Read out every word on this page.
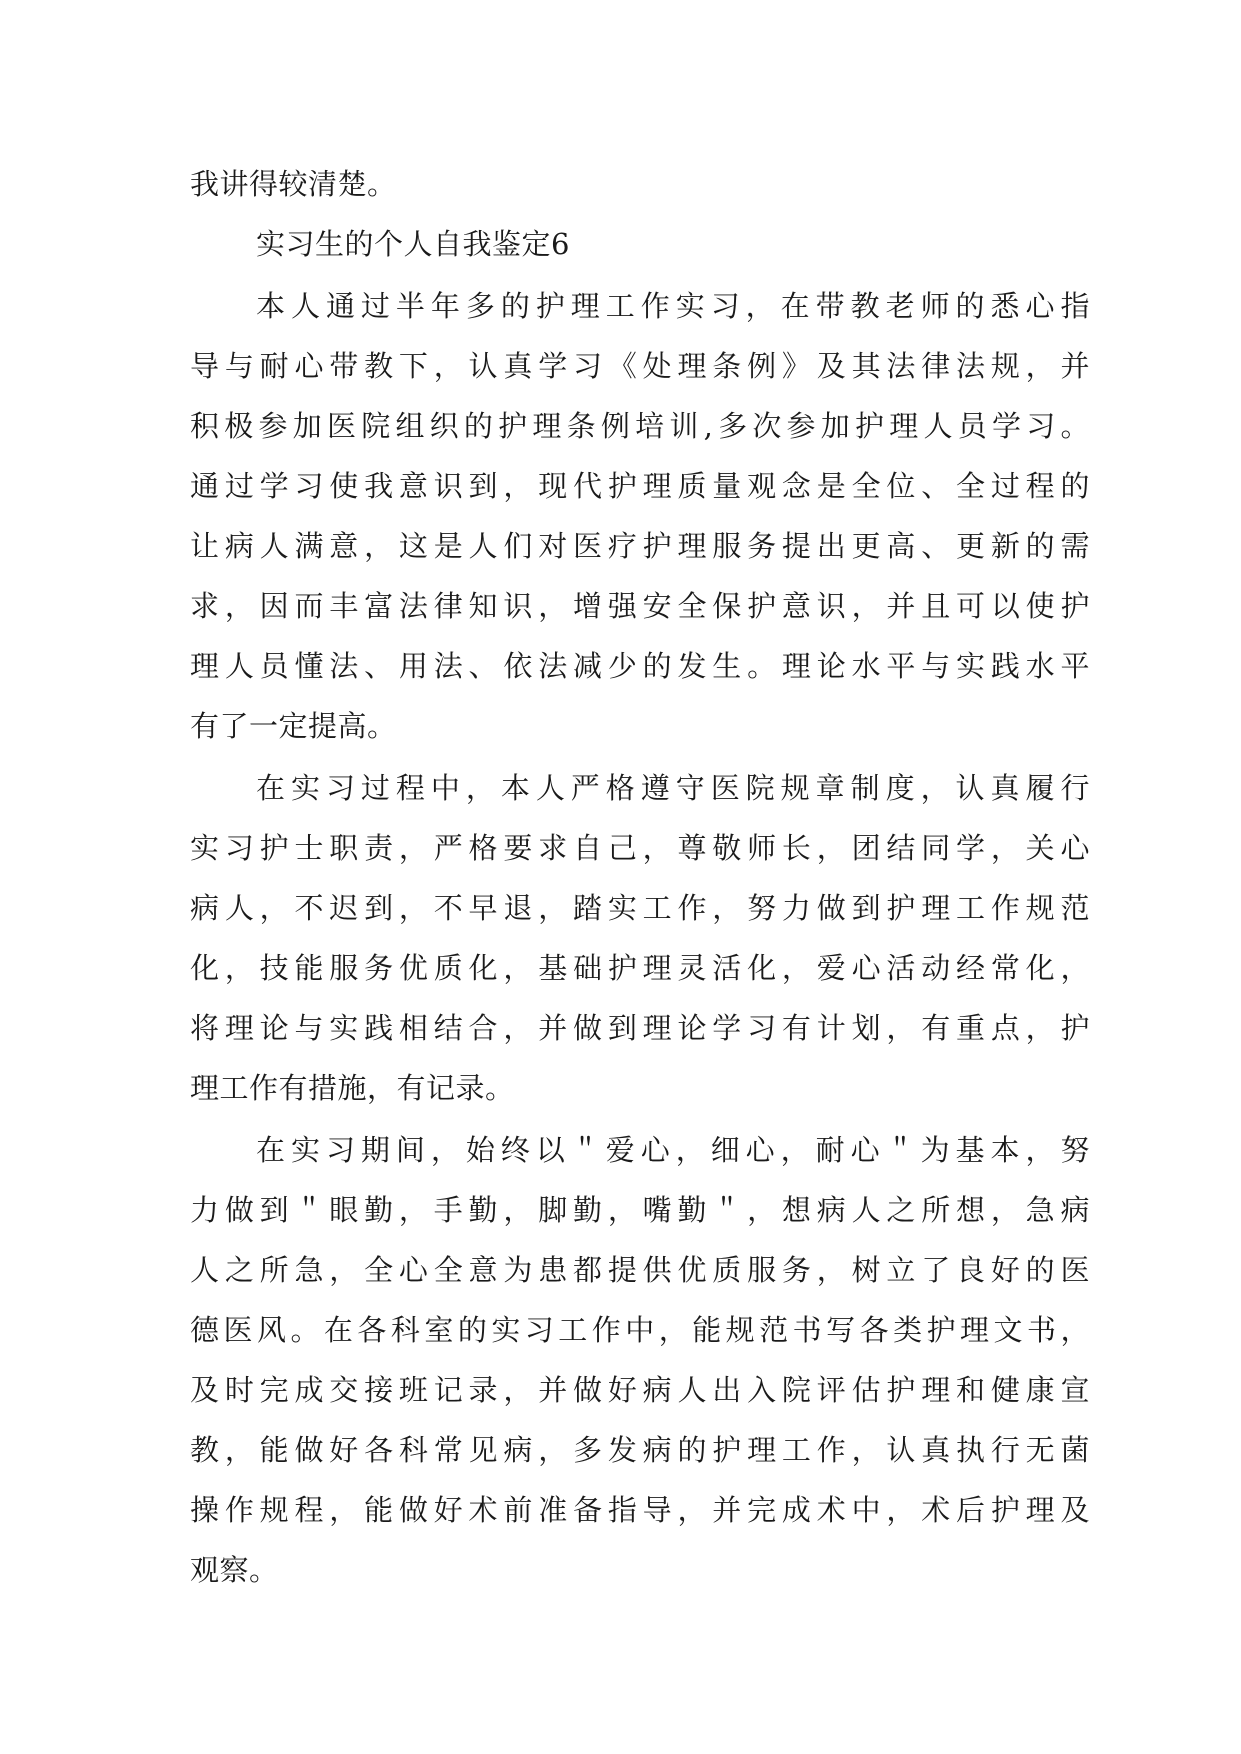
我讲得较清楚。
实习生的个人自我鉴定6
本人通过半年多的护理工作实习，在带教老师的悉心指
导与耐心带教下，认真学习《处理条例》及其法律法规，并
积极参加医院组织的护理条例培训,多次参加护理人员学习。
通过学习使我意识到，现代护理质量观念是全位、全过程的
让病人满意，这是人们对医疗护理服务提出更高、更新的需
求，因而丰富法律知识，增强安全保护意识，并且可以使护
理人员懂法、用法、依法减少的发生。理论水平与实践水平
有了一定提高。
在实习过程中，本人严格遵守医院规章制度，认真履行
实习护士职责，严格要求自己，尊敬师长，团结同学，关心
病人，不迟到，不早退，踏实工作，努力做到护理工作规范
化，技能服务优质化，基础护理灵活化，爱心活动经常化，
将理论与实践相结合，并做到理论学习有计划，有重点，护
理工作有措施，有记录。
在实习期间，始终以＂爱心，细心，耐心＂为基本，努
力做到＂眼勤，手勤，脚勤，嘴勤＂，想病人之所想，急病
人之所急，全心全意为患都提供优质服务，树立了良好的医
德医风。在各科室的实习工作中，能规范书写各类护理文书，
及时完成交接班记录，并做好病人出入院评估护理和健康宣
教，能做好各科常见病，多发病的护理工作，认真执行无菌
操作规程，能做好术前准备指导，并完成术中，术后护理及
观察。
